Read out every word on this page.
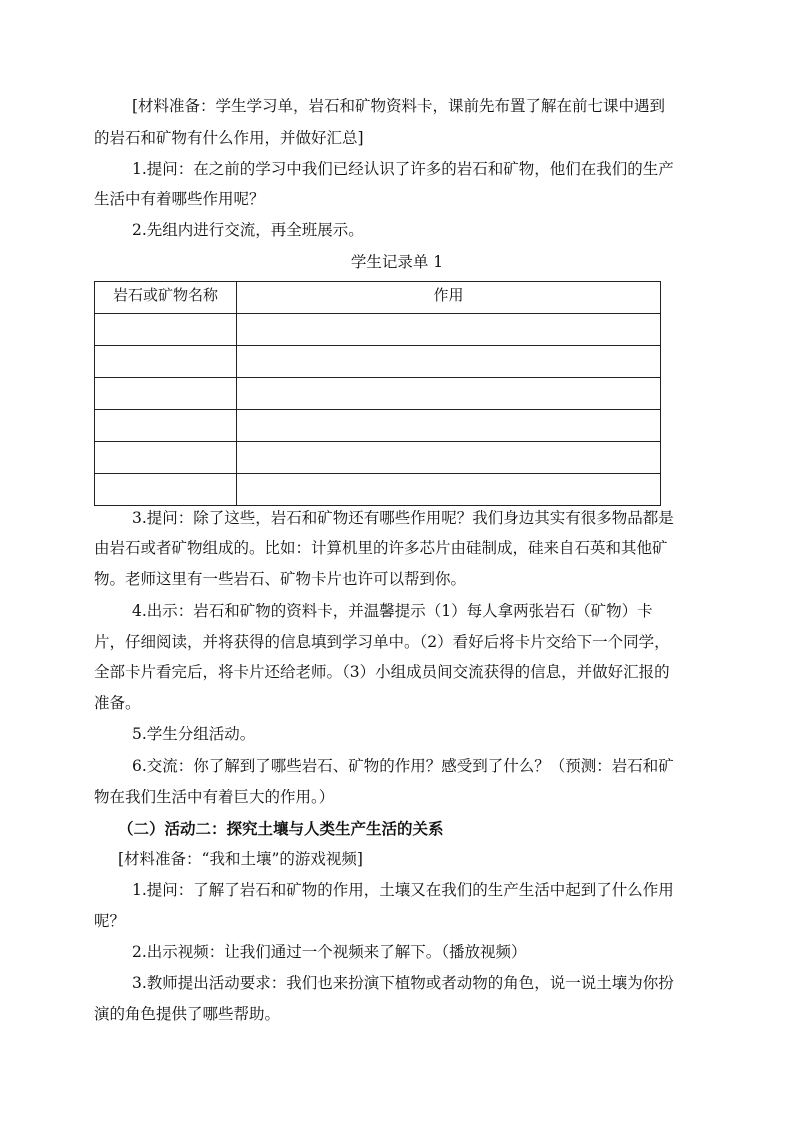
[材料准备：学生学习单，岩石和矿物资料卡，课前先布置了解在前七课中遇到
的岩石和矿物有什么作用，并做好汇总]
1.提问：在之前的学习中我们已经认识了许多的岩石和矿物，他们在我们的生产
生活中有着哪些作用呢？
2.先组内进行交流，再全班展示。
学生记录单 1
岩石或矿物名称	作用

3.提问：除了这些，岩石和矿物还有哪些作用呢？我们身边其实有很多物品都是
由岩石或者矿物组成的。比如：计算机里的许多芯片由硅制成，硅来自石英和其他矿
物。老师这里有一些岩石、矿物卡片也许可以帮到你。
4.出示：岩石和矿物的资料卡，并温馨提示（1）每人拿两张岩石（矿物）卡
片，仔细阅读，并将获得的信息填到学习单中。（2）看好后将卡片交给下一个同学，
全部卡片看完后，将卡片还给老师。（3）小组成员间交流获得的信息，并做好汇报的
准备。
5.学生分组活动。
6.交流：你了解到了哪些岩石、矿物的作用？感受到了什么？（预测：岩石和矿
物在我们生活中有着巨大的作用。）
（二）活动二：探究土壤与人类生产生活的关系
[材料准备：“我和土壤”的游戏视频]
1.提问：了解了岩石和矿物的作用，土壤又在我们的生产生活中起到了什么作用
呢？
2.出示视频：让我们通过一个视频来了解下。（播放视频）
3.教师提出活动要求：我们也来扮演下植物或者动物的角色，说一说土壤为你扮
演的角色提供了哪些帮助。
